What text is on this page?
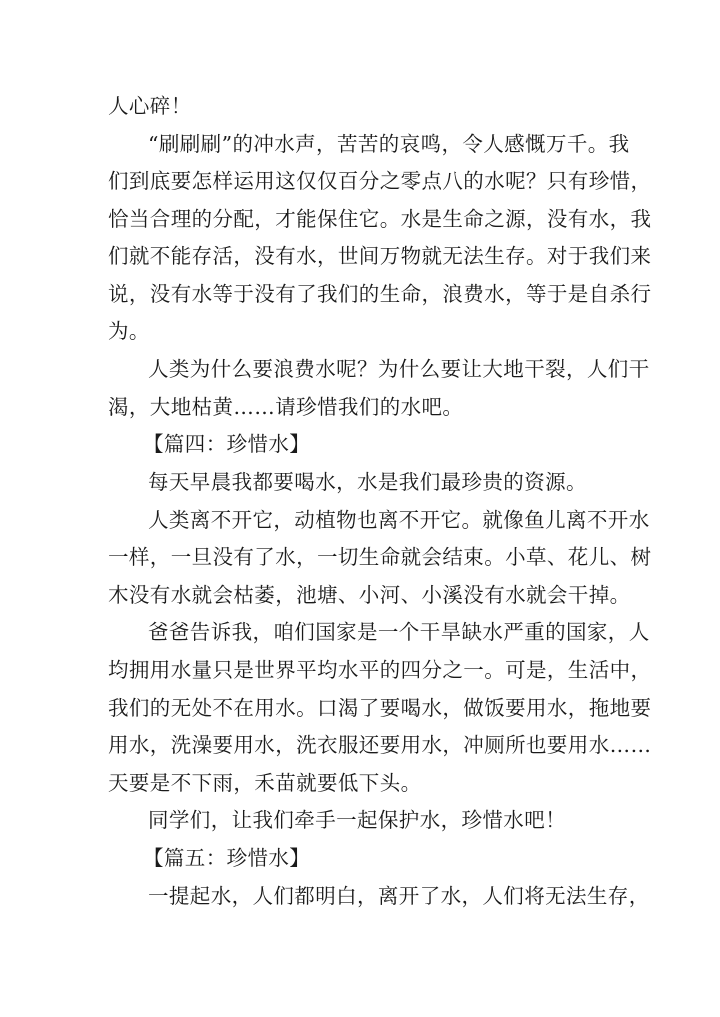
人心碎！
“刷刷刷”的冲水声，苦苦的哀鸣，令人感慨万千。我
们到底要怎样运用这仅仅百分之零点八的水呢？只有珍惜，
恰当合理的分配，才能保住它。水是生命之源，没有水，我
们就不能存活，没有水，世间万物就无法生存。对于我们来
说，没有水等于没有了我们的生命，浪费水，等于是自杀行
为。
人类为什么要浪费水呢？为什么要让大地干裂，人们干
渴，大地枯黄……请珍惜我们的水吧。
【篇四：珍惜水】
每天早晨我都要喝水，水是我们最珍贵的资源。
人类离不开它，动植物也离不开它。就像鱼儿离不开水
一样，一旦没有了水，一切生命就会结束。小草、花儿、树
木没有水就会枯萎，池塘、小河、小溪没有水就会干掉。
爸爸告诉我，咱们国家是一个干旱缺水严重的国家，人
均拥用水量只是世界平均水平的四分之一。可是，生活中，
我们的无处不在用水。口渴了要喝水，做饭要用水，拖地要
用水，洗澡要用水，洗衣服还要用水，冲厕所也要用水……
天要是不下雨，禾苗就要低下头。
同学们，让我们牵手一起保护水，珍惜水吧！
【篇五：珍惜水】
一提起水，人们都明白，离开了水，人们将无法生存，
